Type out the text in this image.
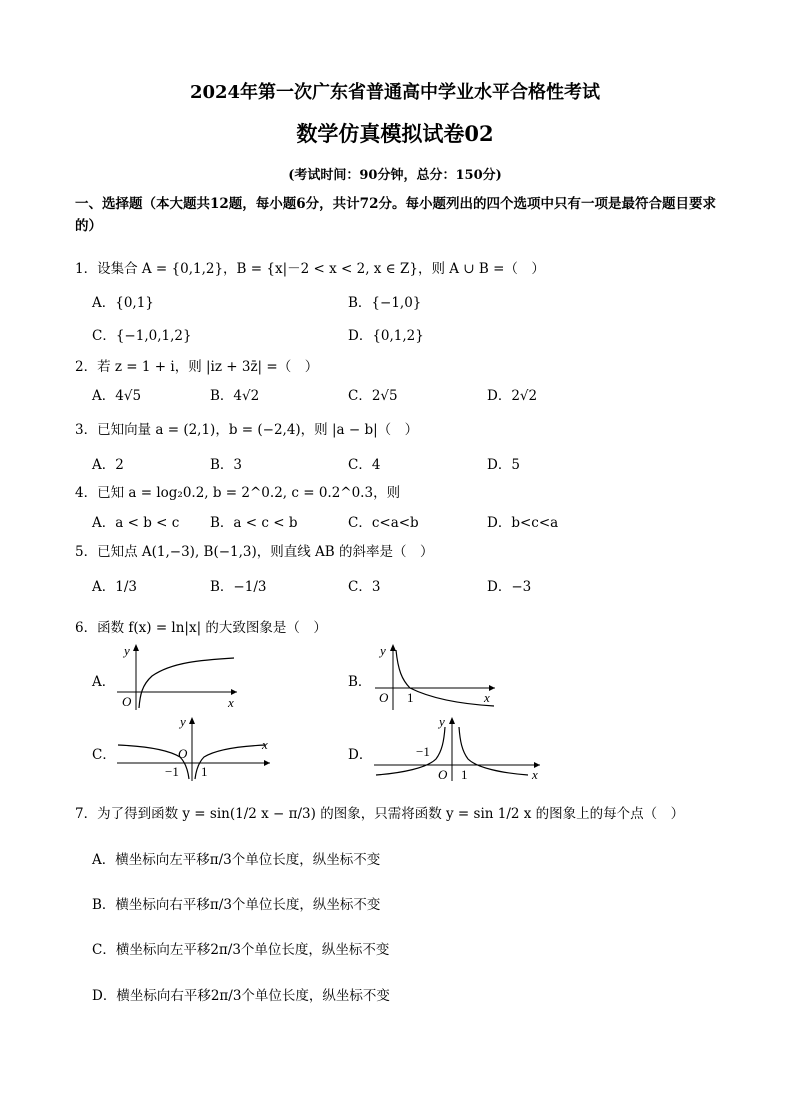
2024年第一次广东省普通高中学业水平合格性考试
数学仿真模拟试卷02
(考试时间：90分钟，总分：150分)
一、选择题（本大题共12题，每小题6分，共计72分。每小题列出的四个选项中只有一项是最符合题目要求的）
1．设集合 A = {0,1,2}，B = {x|－2 < x < 2, x ∈ Z}，则 A ∪ B =（　）
A．{0,1}	B．{−1,0}
C．{−1,0,1,2}	D．{0,1,2}
2．若 z = 1 + i，则 |iz + 3z̄| =（　）
A．4√5	B．4√2	C．2√5	D．2√2
3．已知向量 a = (2,1)，b = (−2,4)，则 |a − b|（　）
A．2	B．3	C．4	D．5
4．已知 a = log₂0.2, b = 2^0.2, c = 0.2^0.3，则
A．a < b < c B．a < c < b	C．c<a<b	D．b<c<a
5．已知点 A(1,−3), B(−1,3)，则直线 AB 的斜率是（　）
A．1/3	B．−1/3	C．3	D．−3
6．函数 f(x) = ln|x| 的大致图象是（　）
A．
y
x
O
B．
y
x
O 1
C．
y
x
O
−1 1
D．
y
x
O
−1
1
7．为了得到函数 y = sin(1/2 x − π/3) 的图象，只需将函数 y = sin 1/2 x 的图象上的每个点（　）
A．横坐标向左平移π/3个单位长度，纵坐标不变
B．横坐标向右平移π/3个单位长度，纵坐标不变
C．横坐标向左平移2π/3个单位长度，纵坐标不变
D．横坐标向右平移2π/3个单位长度，纵坐标不变
